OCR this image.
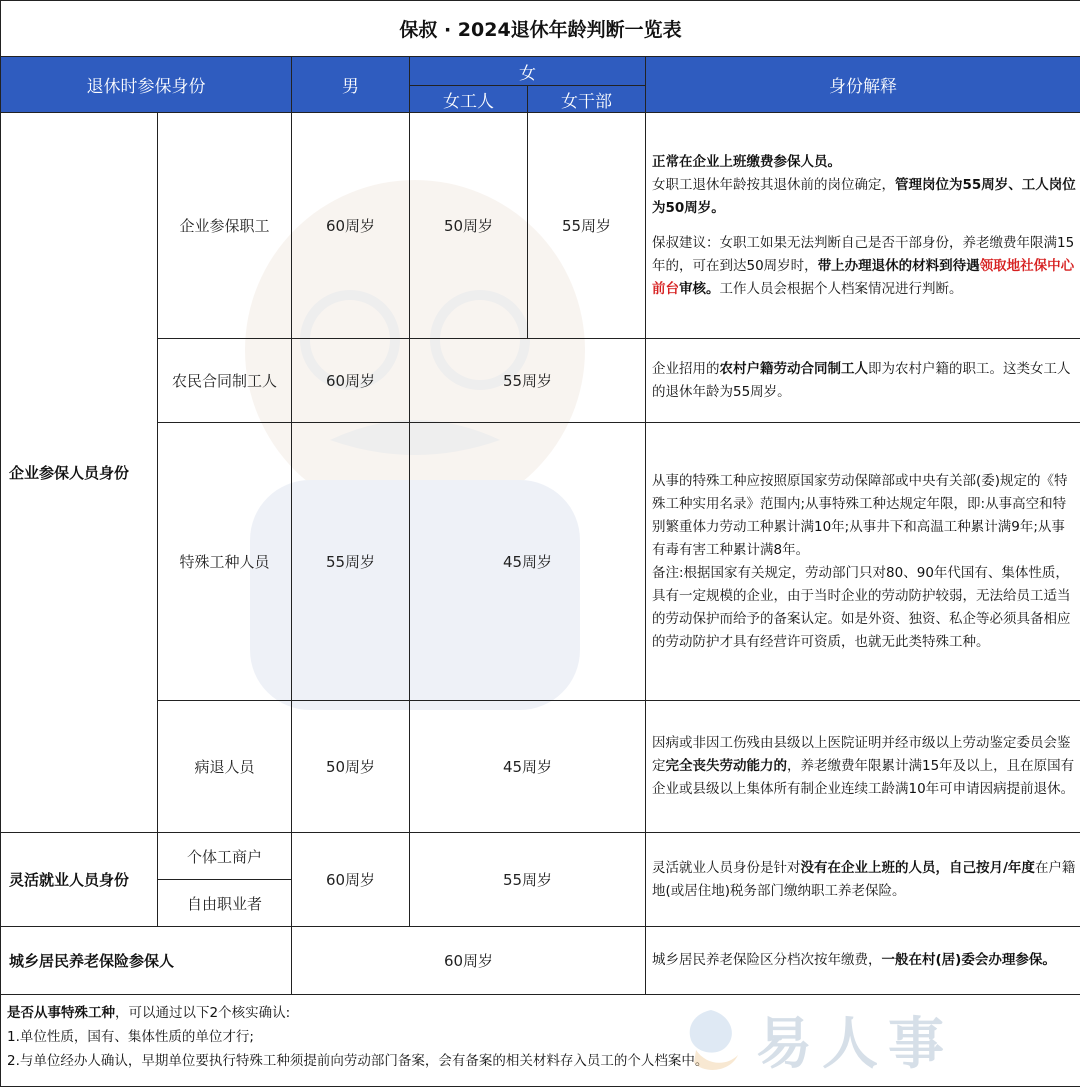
保叔 · 2024退休年龄判断一览表					
退休时参保身份		男	女		身份解释
			女工人	女干部	
企业参保人员身份	企业参保职工	60周岁	50周岁	55周岁	正常在企业上班缴费参保人员。
女职工退休年龄按其退休前的岗位确定，管理岗位为55周岁、工人岗位为50周岁。
保叔建议：女职工如果无法判断自己是否干部身份，养老缴费年限满15年的，可在到达50周岁时，带上办理退休的材料到待遇领取地社保中心前台审核。工作人员会根据个人档案情况进行判断。
	农民合同制工人	60周岁	55周岁		企业招用的农村户籍劳动合同制工人即为农村户籍的职工。这类女工人的退休年龄为55周岁。
	特殊工种人员	55周岁	45周岁		从事的特殊工种应按照原国家劳动保障部或中央有关部(委)规定的《特殊工种实用名录》范围内;从事特殊工种达规定年限，即:从事高空和特别繁重体力劳动工种累计满10年;从事井下和高温工种累计满9年;从事有毒有害工种累计满8年。
备注:根据国家有关规定，劳动部门只对80、90年代国有、集体性质，具有一定规模的企业，由于当时企业的劳动防护较弱，无法给员工适当的劳动保护而给予的备案认定。如是外资、独资、私企等必须具备相应的劳动防护才具有经营许可资质，也就无此类特殊工种。
	病退人员	50周岁	45周岁		因病或非因工伤残由县级以上医院证明并经市级以上劳动鉴定委员会鉴定完全丧失劳动能力的，养老缴费年限累计满15年及以上，且在原国有企业或县级以上集体所有制企业连续工龄满10年可申请因病提前退休。
灵活就业人员身份	个体工商户	60周岁	55周岁		灵活就业人员身份是针对没有在企业上班的人员，自己按月/年度在户籍地(或居住地)税务部门缴纳职工养老保险。
	自由职业者				
城乡居民养老保险参保人		60周岁			城乡居民养老保险区分档次按年缴费，一般在村(居)委会办理参保。
是否从事特殊工种，可以通过以下2个核实确认:
1.单位性质，国有、集体性质的单位才行;
2.与单位经办人确认，早期单位要执行特殊工种须提前向劳动部门备案，会有备案的相关材料存入员工的个人档案中。					易人事
